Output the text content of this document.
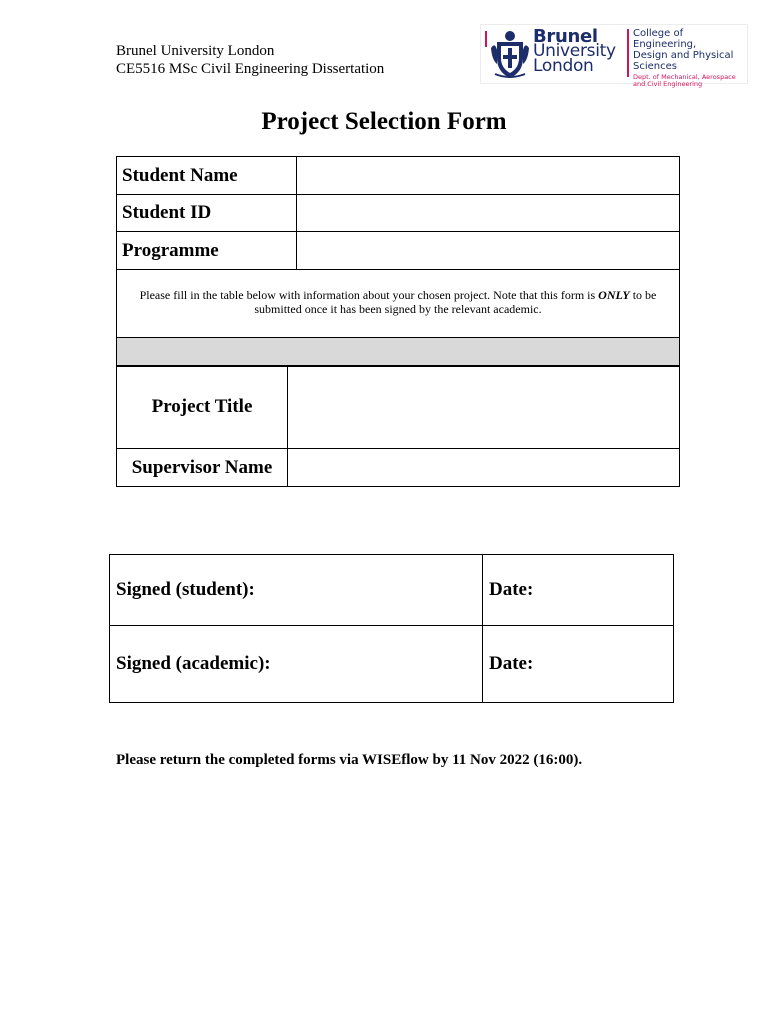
Brunel University London
CE5516 MSc Civil Engineering Dissertation
Brunel
University
London
College of Engineering,
Design and Physical
Sciences
Dept. of Mechanical, Aerospace
and Civil Engineering
Project Selection Form
Student Name	
Student ID	
Programme	
Please fill in the table below with information about your chosen project. Note that this form is ONLY to be submitted once it has been signed by the relevant academic.	

Project Title	
Supervisor Name	
Signed (student):	Date:
Signed (academic):	Date:
Please return the completed forms via WISEflow by 11 Nov 2022 (16:00).
